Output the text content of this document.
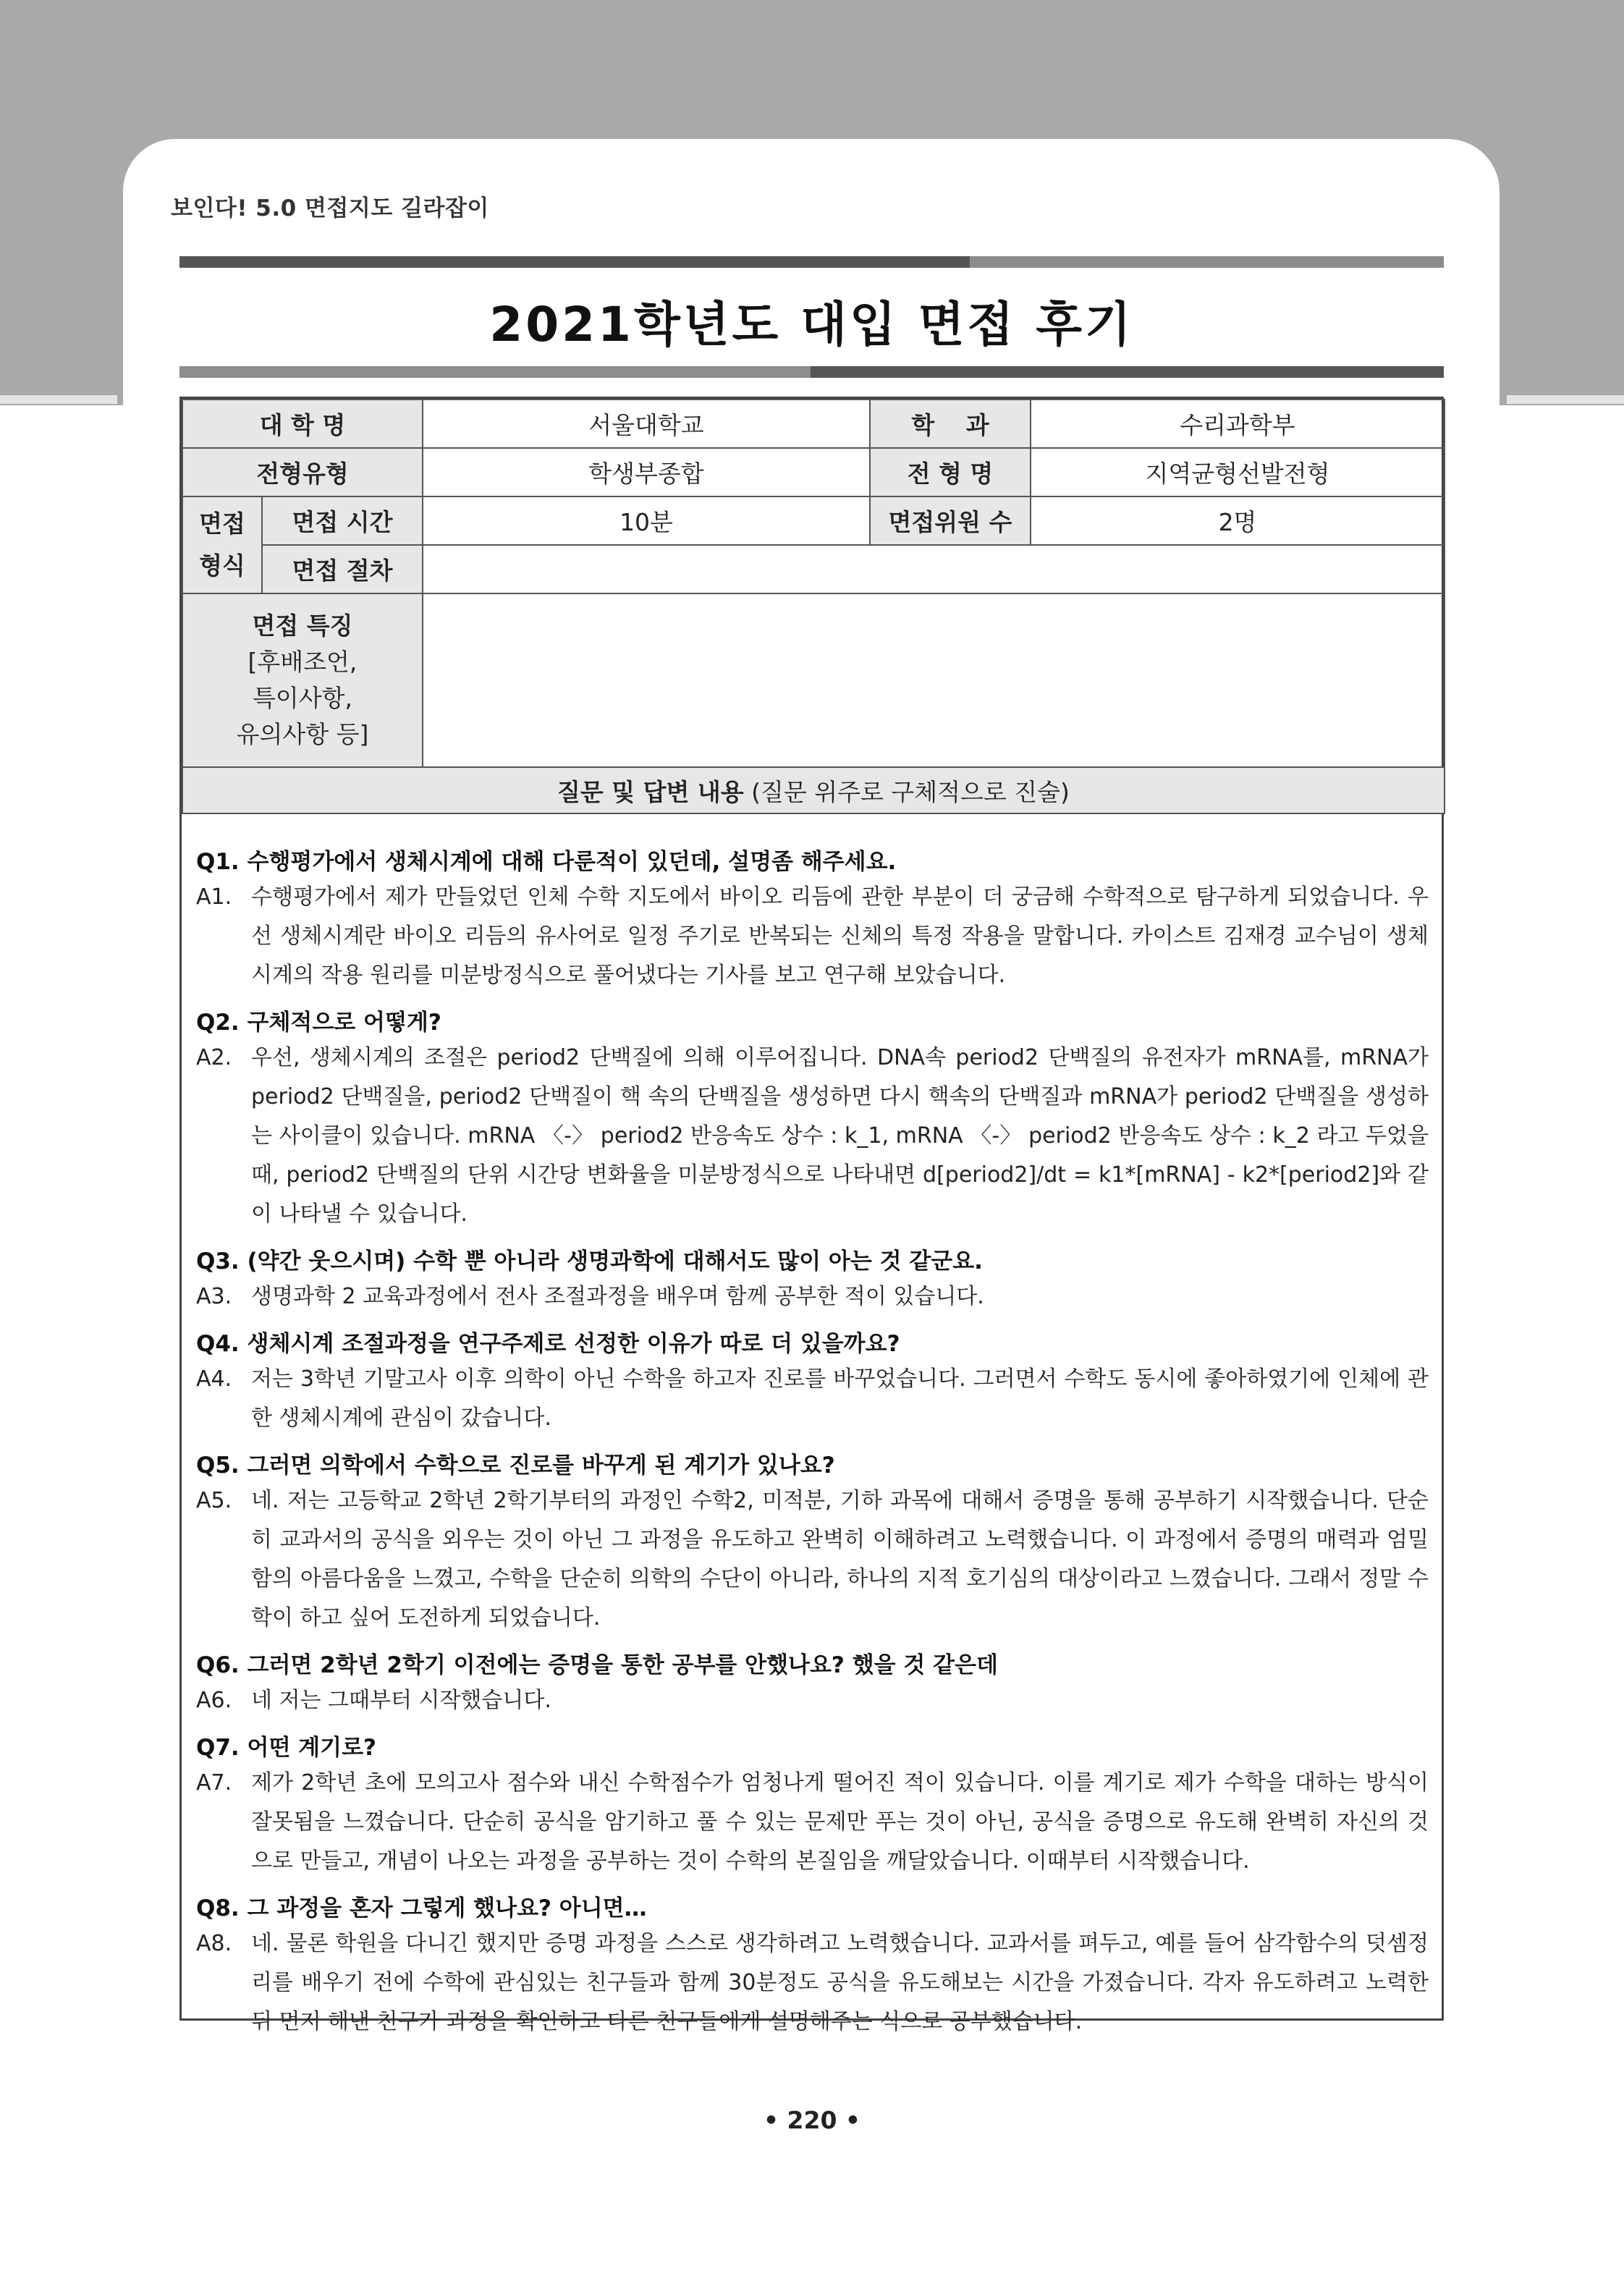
보인다! 5.0 면접지도 길라잡이
2021학년도 대입 면접 후기
대 학 명		서울대학교	학 과	수리과학부
전형유형		학생부종합	전 형 명	지역균형선발전형
면접 형식	면접 시간	10분	면접위원 수	2명
	면접 절차			

면접 특징
[후배조언,
특이사항,
유의사항 등]				

질문 및 답변 내용 (질문 위주로 구체적으로 진술)				
Q1. 수행평가에서 생체시계에 대해 다룬적이 있던데, 설명좀 해주세요.
A1. 수행평가에서 제가 만들었던 인체 수학 지도에서 바이오 리듬에 관한 부분이 더 궁금해 수학적으로 탐구하게 되었습니다. 우선 생체시계란 바이오 리듬의 유사어로 일정 주기로 반복되는 신체의 특정 작용을 말합니다. 카이스트 김재경 교수님이 생체시계의 작용 원리를 미분방정식으로 풀어냈다는 기사를 보고 연구해 보았습니다.
Q2. 구체적으로 어떻게?
A2. 우선, 생체시계의 조절은 period2 단백질에 의해 이루어집니다. DNA속 period2 단백질의 유전자가 mRNA를, mRNA가 period2 단백질을, period2 단백질이 핵 속의 단백질을 생성하면 다시 핵속의 단백질과 mRNA가 period2 단백질을 생성하는 사이클이 있습니다. mRNA 〈-〉 period2 반응속도 상수 : k_1, mRNA 〈-〉 period2 반응속도 상수 : k_2 라고 두었을 때, period2 단백질의 단위 시간당 변화율을 미분방정식으로 나타내면 d[period2]/dt = k1*[mRNA] - k2*[period2]와 같이 나타낼 수 있습니다.
Q3. (약간 웃으시며) 수학 뿐 아니라 생명과학에 대해서도 많이 아는 것 같군요.
A3. 생명과학 2 교육과정에서 전사 조절과정을 배우며 함께 공부한 적이 있습니다.
Q4. 생체시계 조절과정을 연구주제로 선정한 이유가 따로 더 있을까요?
A4. 저는 3학년 기말고사 이후 의학이 아닌 수학을 하고자 진로를 바꾸었습니다. 그러면서 수학도 동시에 좋아하였기에 인체에 관한 생체시계에 관심이 갔습니다.
Q5. 그러면 의학에서 수학으로 진로를 바꾸게 된 계기가 있나요?
A5. 네. 저는 고등학교 2학년 2학기부터의 과정인 수학2, 미적분, 기하 과목에 대해서 증명을 통해 공부하기 시작했습니다. 단순히 교과서의 공식을 외우는 것이 아닌 그 과정을 유도하고 완벽히 이해하려고 노력했습니다. 이 과정에서 증명의 매력과 엄밀함의 아름다움을 느꼈고, 수학을 단순히 의학의 수단이 아니라, 하나의 지적 호기심의 대상이라고 느꼈습니다. 그래서 정말 수학이 하고 싶어 도전하게 되었습니다.
Q6. 그러면 2학년 2학기 이전에는 증명을 통한 공부를 안했나요? 했을 것 같은데
A6. 네 저는 그때부터 시작했습니다.
Q7. 어떤 계기로?
A7. 제가 2학년 초에 모의고사 점수와 내신 수학점수가 엄청나게 떨어진 적이 있습니다. 이를 계기로 제가 수학을 대하는 방식이 잘못됨을 느꼈습니다. 단순히 공식을 암기하고 풀 수 있는 문제만 푸는 것이 아닌, 공식을 증명으로 유도해 완벽히 자신의 것으로 만들고, 개념이 나오는 과정을 공부하는 것이 수학의 본질임을 깨달았습니다. 이때부터 시작했습니다.
Q8. 그 과정을 혼자 그렇게 했나요? 아니면…
A8. 네. 물론 학원을 다니긴 했지만 증명 과정을 스스로 생각하려고 노력했습니다. 교과서를 펴두고, 예를 들어 삼각함수의 덧셈정리를 배우기 전에 수학에 관심있는 친구들과 함께 30분정도 공식을 유도해보는 시간을 가졌습니다. 각자 유도하려고 노력한 뒤 먼저 해낸 친구가 과정을 확인하고 다른 친구들에게 설명해주는 식으로 공부했습니다.
• 220 •
